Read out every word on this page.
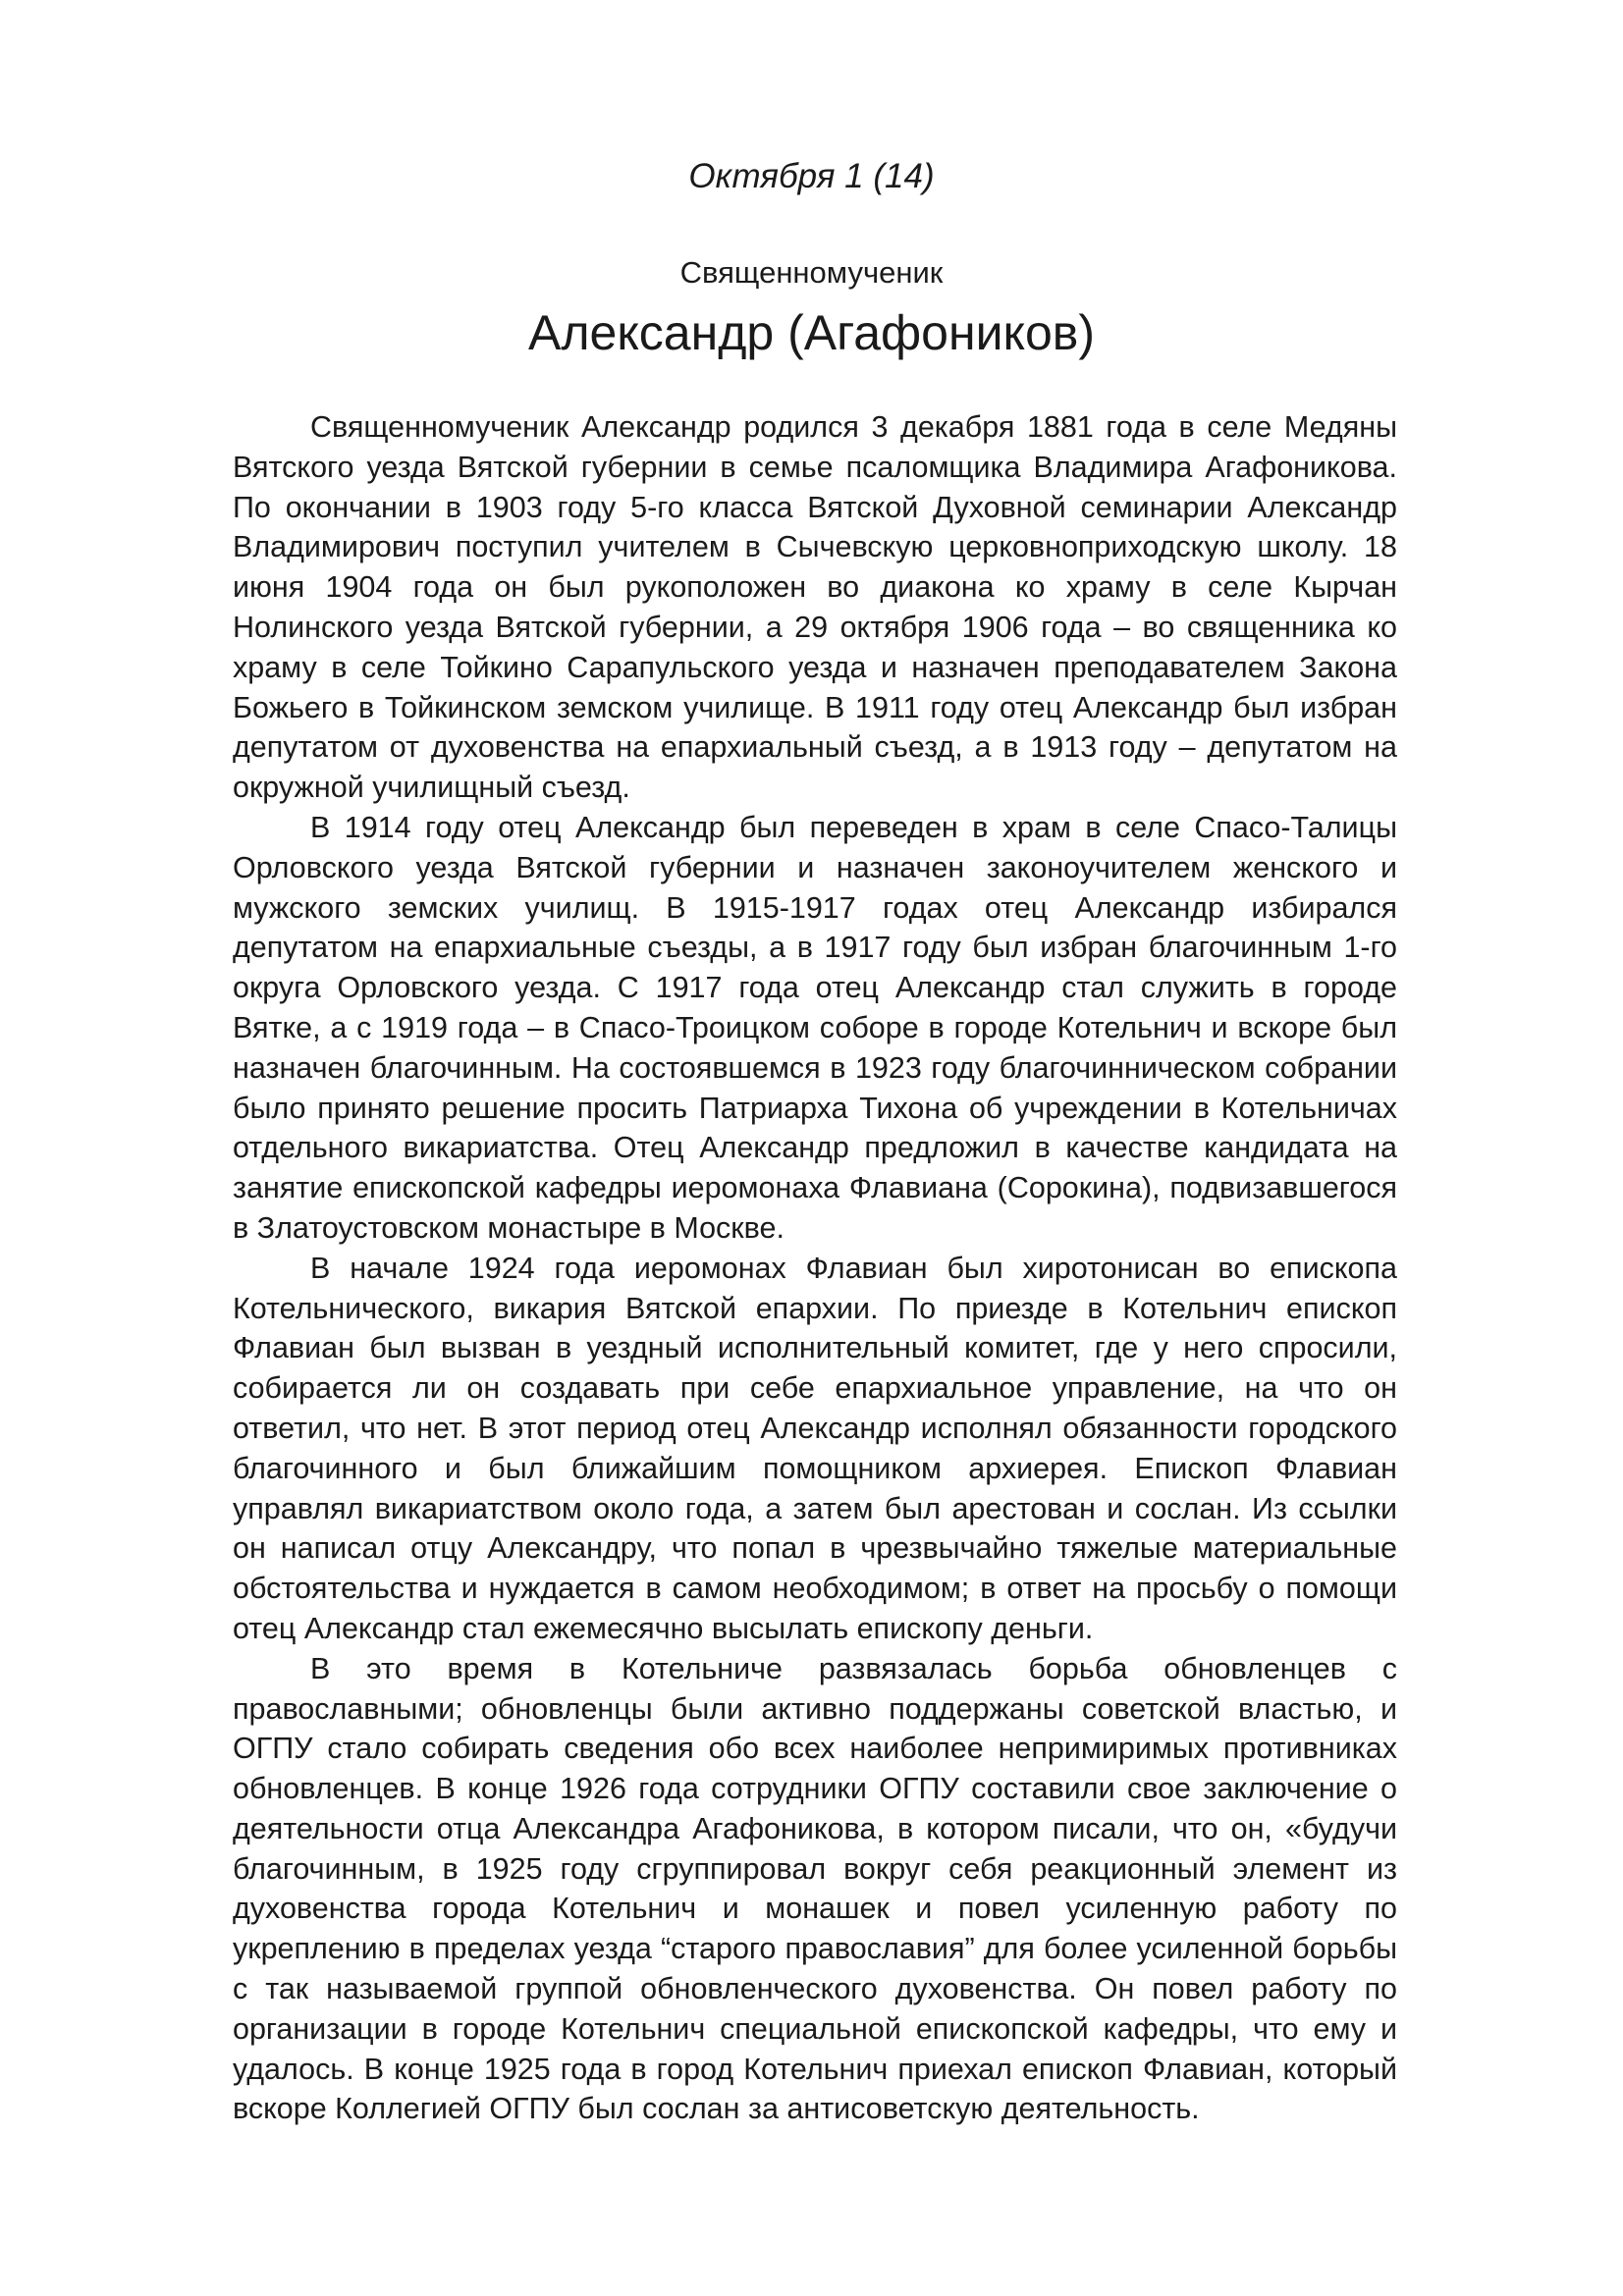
Октября 1 (14)
Священномученик
Александр (Агафоников)

Священномученик Александр родился 3 декабря 1881 года в селе Медяны Вятского уезда Вятской губернии в семье псаломщика Владимира Агафоникова. По окончании в 1903 году 5-го класса Вятской Духовной семинарии Александр Владимирович поступил учителем в Сычевскую церковноприходскую школу. 18 июня 1904 года он был рукоположен во диакона ко храму в селе Кырчан Нолинского уезда Вятской губернии, а 29 октября 1906 года – во священника ко храму в селе Тойкино Сарапульского уезда и назначен преподавателем Закона Божьего в Тойкинском земском училище. В 1911 году отец Александр был избран депутатом от духовенства на епархиальный съезд, а в 1913 году – депутатом на окружной училищный съезд.

В 1914 году отец Александр был переведен в храм в селе Спасо-Талицы Орловского уезда Вятской губернии и назначен законоучителем женского и мужского земских училищ. В 1915-1917 годах отец Александр избирался депутатом на епархиальные съезды, а в 1917 году был избран благочинным 1-го округа Орловского уезда. С 1917 года отец Александр стал служить в городе Вятке, а с 1919 года – в Спасо-Троицком соборе в городе Котельнич и вскоре был назначен благочинным. На состоявшемся в 1923 году благочинническом собрании было принято решение просить Патриарха Тихона об учреждении в Котельничах отдельного викариатства. Отец Александр предложил в качестве кандидата на занятие епископской кафедры иеромонаха Флавиана (Сорокина), подвизавшегося в Златоустовском монастыре в Москве.

В начале 1924 года иеромонах Флавиан был хиротонисан во епископа Котельнического, викария Вятской епархии. По приезде в Котельнич епископ Флавиан был вызван в уездный исполнительный комитет, где у него спросили, собирается ли он создавать при себе епархиальное управление, на что он ответил, что нет. В этот период отец Александр исполнял обязанности городского благочинного и был ближайшим помощником архиерея. Епископ Флавиан управлял викариатством около года, а затем был арестован и сослан. Из ссылки он написал отцу Александру, что попал в чрезвычайно тяжелые материальные обстоятельства и нуждается в самом необходимом; в ответ на просьбу о помощи отец Александр стал ежемесячно высылать епископу деньги.

В это время в Котельниче развязалась борьба обновленцев с православными; обновленцы были активно поддержаны советской властью, и ОГПУ стало собирать сведения обо всех наиболее непримиримых противниках обновленцев. В конце 1926 года сотрудники ОГПУ составили свое заключение о деятельности отца Александра Агафоникова, в котором писали, что он, «будучи благочинным, в 1925 году сгруппировал вокруг себя реакционный элемент из духовенства города Котельнич и монашек и повел усиленную работу по укреплению в пределах уезда “старого православия” для более усиленной борьбы с так называемой группой обновленческого духовенства. Он повел работу по организации в городе Котельнич специальной епископской кафедры, что ему и удалось. В конце 1925 года в город Котельнич приехал епископ Флавиан, который вскоре Коллегией ОГПУ был сослан за антисоветскую деятельность.
